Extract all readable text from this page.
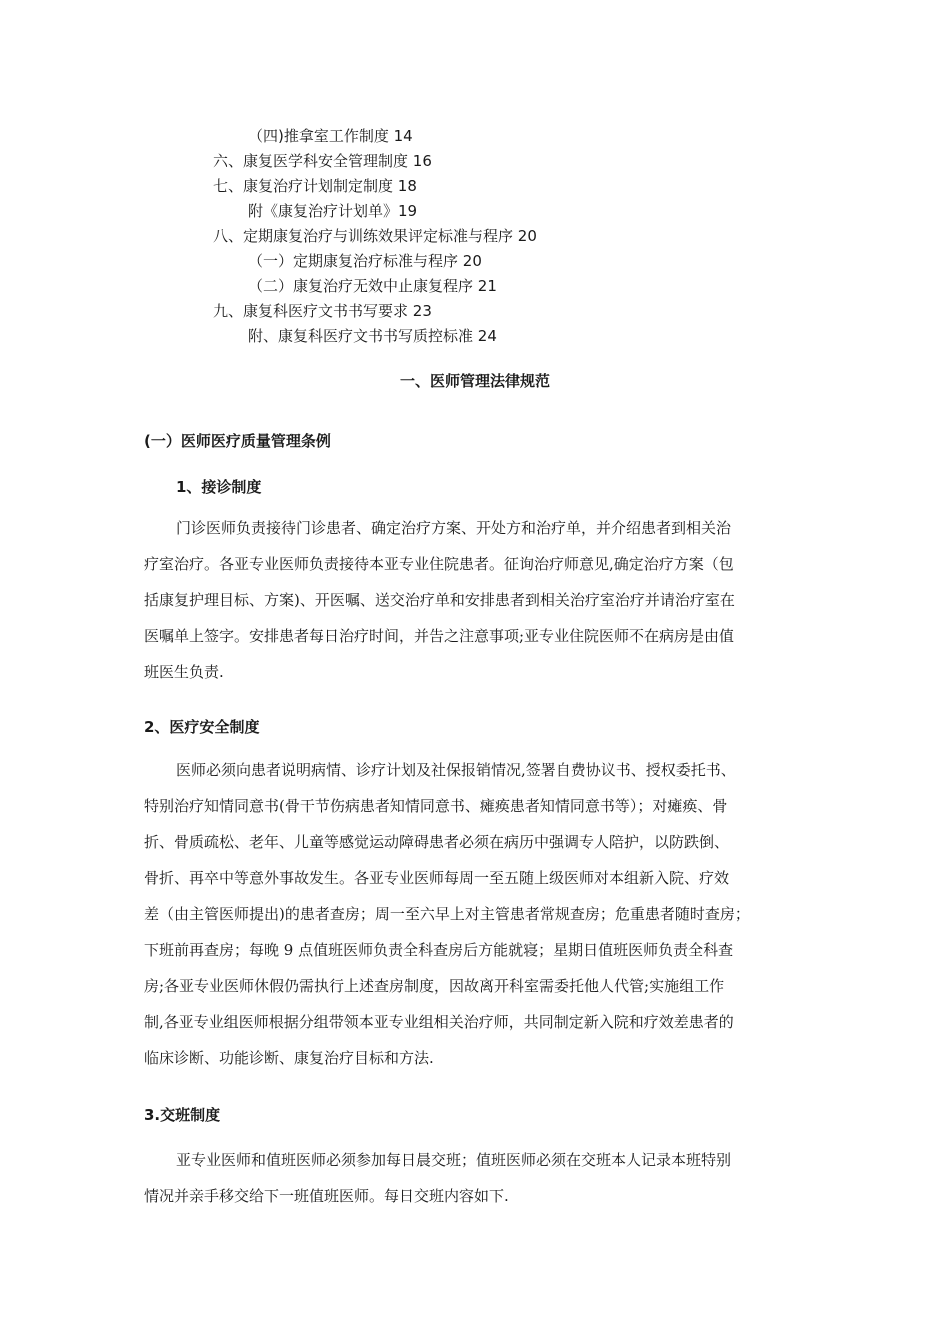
（四)推拿室工作制度 14
六、康复医学科安全管理制度 16
七、康复治疗计划制定制度 18
附《康复治疗计划单》19
八、定期康复治疗与训练效果评定标准与程序 20
（一）定期康复治疗标准与程序 20
（二）康复治疗无效中止康复程序 21
九、康复科医疗文书书写要求 23
附、康复科医疗文书书写质控标准 24
一、医师管理法律规范
(一）医师医疗质量管理条例
1、接诊制度
门诊医师负责接待门诊患者、确定治疗方案、开处方和治疗单，并介绍患者到相关治
疗室治疗。各亚专业医师负责接待本亚专业住院患者。征询治疗师意见,确定治疗方案（包
括康复护理目标、方案)、开医嘱、送交治疗单和安排患者到相关治疗室治疗并请治疗室在
医嘱单上签字。安排患者每日治疗时间，并告之注意事项;亚专业住院医师不在病房是由值
班医生负责.
2、医疗安全制度
医师必须向患者说明病情、诊疗计划及社保报销情况,签署自费协议书、授权委托书、
特别治疗知情同意书(骨干节伤病患者知情同意书、瘫痪患者知情同意书等）；对瘫痪、骨
折、骨质疏松、老年、儿童等感觉运动障碍患者必须在病历中强调专人陪护，以防跌倒、
骨折、再卒中等意外事故发生。各亚专业医师每周一至五随上级医师对本组新入院、疗效
差（由主管医师提出)的患者查房；周一至六早上对主管患者常规查房；危重患者随时查房；
下班前再查房；每晚 9 点值班医师负责全科查房后方能就寝；星期日值班医师负责全科查
房;各亚专业医师休假仍需执行上述查房制度，因故离开科室需委托他人代管;实施组工作
制,各亚专业组医师根据分组带领本亚专业组相关治疗师，共同制定新入院和疗效差患者的
临床诊断、功能诊断、康复治疗目标和方法.
3.交班制度
亚专业医师和值班医师必须参加每日晨交班；值班医师必须在交班本人记录本班特别
情况并亲手移交给下一班值班医师。每日交班内容如下.
